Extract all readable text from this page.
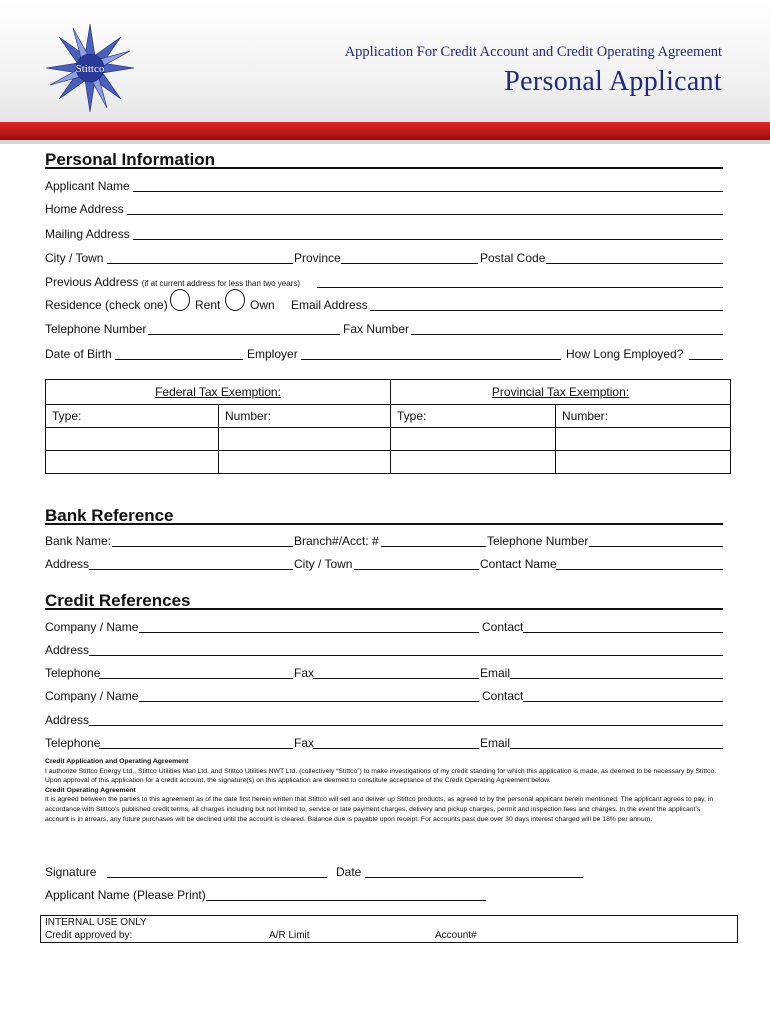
Stittco
Application For Credit Account and Credit Operating Agreement
Personal Applicant
Personal Information
Applicant Name
Home Address
Mailing Address
City / Town	Province	Postal Code
Previous Address (if at current address for less than two years)
Residence (check one) Rent Own Email Address
Telephone Number	Fax Number
Date of Birth	Employer	How Long Employed?
Federal Tax Exemption:		Provincial Tax Exemption:	
Type:	Number:	Type:	Number:

Bank Reference
Bank Name:	Branch#/Acct: #	Telephone Number
Address	City / Town	Contact Name
Credit References
Company / Name	Contact
Address
Telephone	Fax	Email
Company / Name	Contact
Address
Telephone	Fax	Email
Credit Application and Operating Agreement
I authorize Stittco Energy Ltd., Stittco Utilities Man Ltd. and Stittco Utilities NWT Ltd. (collectively “Stittco”) to make investigations of my credit standing for which this application is made, as deemed to be necessary by Stittco. Upon approval of this application for a credit account, the signature(s) on this application are deemed to constitute acceptance of the Credit Operating Agreement below.
Credit Operating Agreement
It is agreed between the parties to this agreement as of the date first herein written that Stittco will sell and deliver up Stittco products, as agreed to by the personal applicant herein mentioned. The applicant agrees to pay, in accordance with Stittco’s published credit terms, all charges including but not limited to, service or late payment charges, delivery and pickup charges, permit and inspection fees and charges. In the event the applicant’s account is in arrears, any future purchases will be declined until the account is cleared. Balance due is payable upon receipt. For accounts past due over 30 days interest charged will be 18% per annum.
Signature	Date
Applicant Name (Please Print)
INTERNAL USE ONLY
Credit approved by:	A/R Limit	Account#
